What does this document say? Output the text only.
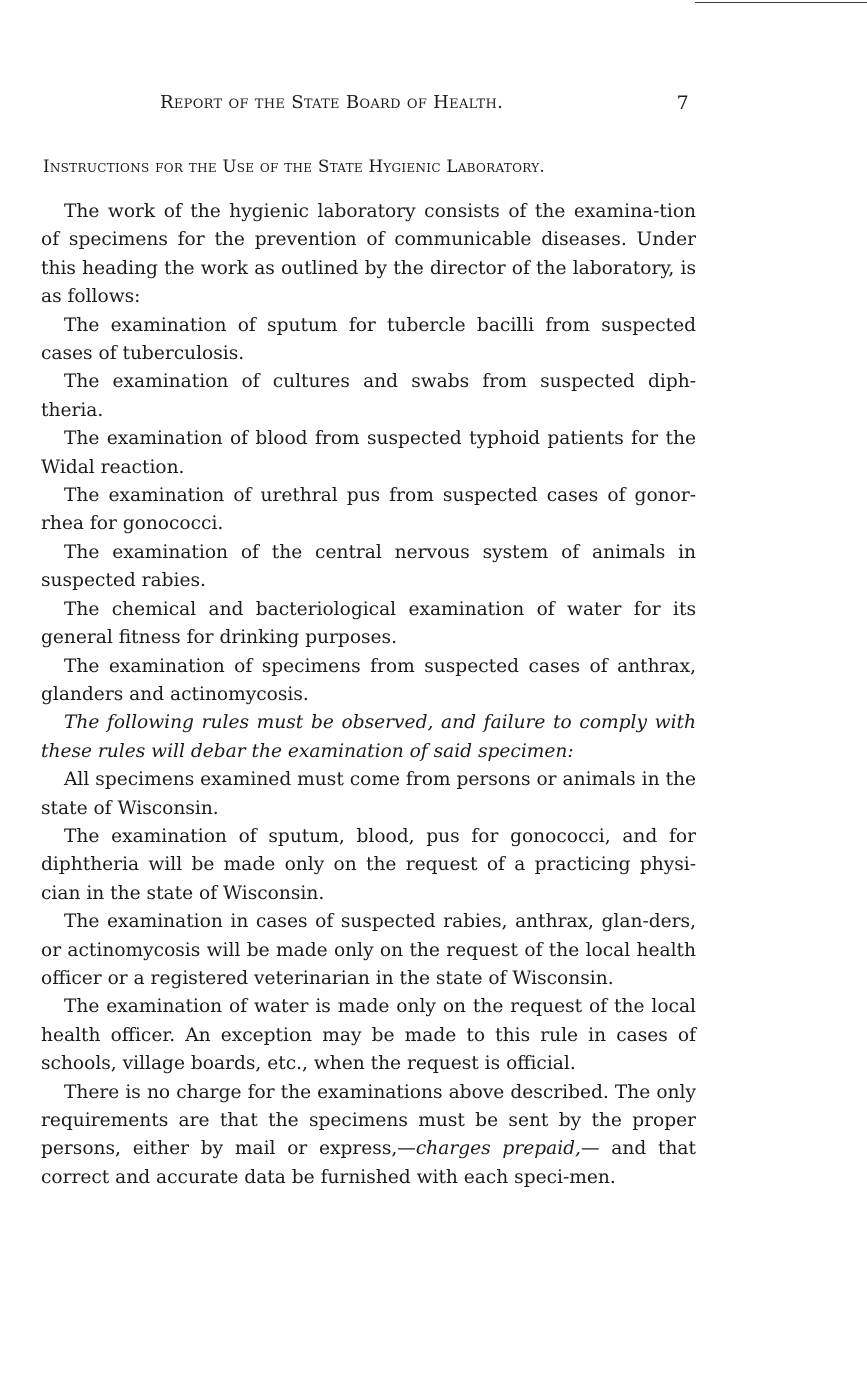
Report of the State Board of Health.	7
Instructions for the Use of the State Hygienic Laboratory.

The work of the hygienic laboratory consists of the examina-tion of specimens for the prevention of communicable diseases. Under this heading the work as outlined by the director of the laboratory, is as follows:

The examination of sputum for tubercle bacilli from suspected cases of tuberculosis.

The examination of cultures and swabs from suspected diph-theria.

The examination of blood from suspected typhoid patients for the Widal reaction.

The examination of urethral pus from suspected cases of gonor-rhea for gonococci.

The examination of the central nervous system of animals in suspected rabies.

The chemical and bacteriological examination of water for its general fitness for drinking purposes.

The examination of specimens from suspected cases of anthrax, glanders and actinomycosis.

The following rules must be observed, and failure to comply with these rules will debar the examination of said specimen:

All specimens examined must come from persons or animals in the state of Wisconsin.

The examination of sputum, blood, pus for gonococci, and for diphtheria will be made only on the request of a practicing physi-cian in the state of Wisconsin.

The examination in cases of suspected rabies, anthrax, glan-ders, or actinomycosis will be made only on the request of the local health officer or a registered veterinarian in the state of Wisconsin.

The examination of water is made only on the request of the local health officer. An exception may be made to this rule in cases of schools, village boards, etc., when the request is official.

There is no charge for the examinations above described. The only requirements are that the specimens must be sent by the proper persons, either by mail or express,—charges prepaid,— and that correct and accurate data be furnished with each speci-men.
